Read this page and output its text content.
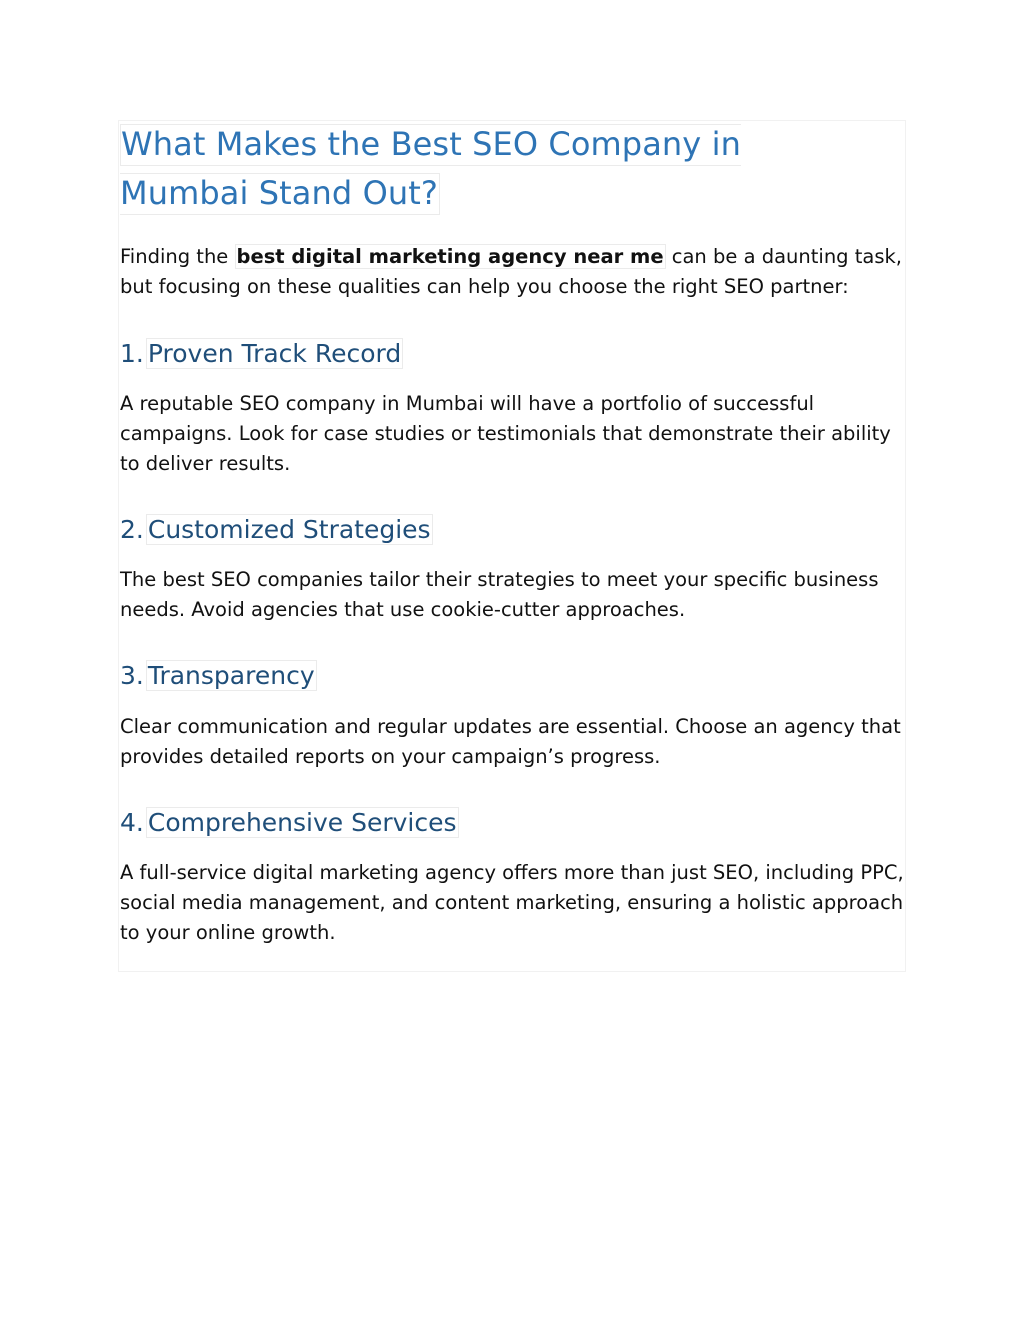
What Makes the Best SEO Company in Mumbai Stand Out?

Finding the best digital marketing agency near me can be a daunting task, but focusing on these qualities can help you choose the right SEO partner:

1. Proven Track Record

A reputable SEO company in Mumbai will have a portfolio of successful campaigns. Look for case studies or testimonials that demonstrate their ability to deliver results.

2. Customized Strategies

The best SEO companies tailor their strategies to meet your specific business needs. Avoid agencies that use cookie-cutter approaches.

3. Transparency

Clear communication and regular updates are essential. Choose an agency that provides detailed reports on your campaign’s progress.

4. Comprehensive Services

A full-service digital marketing agency offers more than just SEO, including PPC, social media management, and content marketing, ensuring a holistic approach to your online growth.
